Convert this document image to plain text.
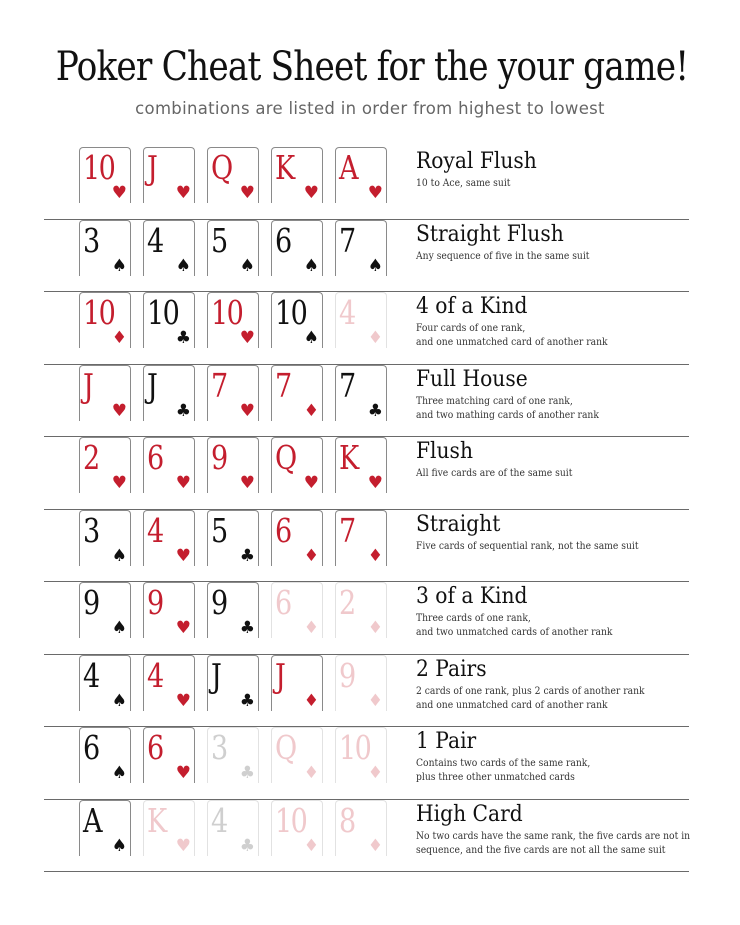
Poker Cheat Sheet for the your game!
combinations are listed in order from highest to lowest
10
♥
J
♥
Q
♥
K
♥
A
♥
Royal Flush
10 to Ace, same suit
3
♠
4
♠
5
♠
6
♠
7
♠
Straight Flush
Any sequence of five in the same suit
10
♦
10
♣
10
♥
10
♠
4
♦
4 of a Kind
Four cards of one rank,
and one unmatched card of another rank
J
♥
J
♣
7
♥
7
♦
7
♣
Full House
Three matching card of one rank,
and two mathing cards of another rank
2
♥
6
♥
9
♥
Q
♥
K
♥
Flush
All five cards are of the same suit
3
♠
4
♥
5
♣
6
♦
7
♦
Straight
Five cards of sequential rank, not the same suit
9
♠
9
♥
9
♣
6
♦
2
♦
3 of a Kind
Three cards of one rank,
and two unmatched cards of another rank
4
♠
4
♥
J
♣
J
♦
9
♦
2 Pairs
2 cards of one rank, plus 2 cards of another rank
and one unmatched card of another rank
6
♠
6
♥
3
♣
Q
♦
10
♦
1 Pair
Contains two cards of the same rank,
plus three other unmatched cards
A
♠
K
♥
4
♣
10
♦
8
♦
High Card
No two cards have the same rank, the five cards are not in
sequence, and the five cards are not all the same suit
